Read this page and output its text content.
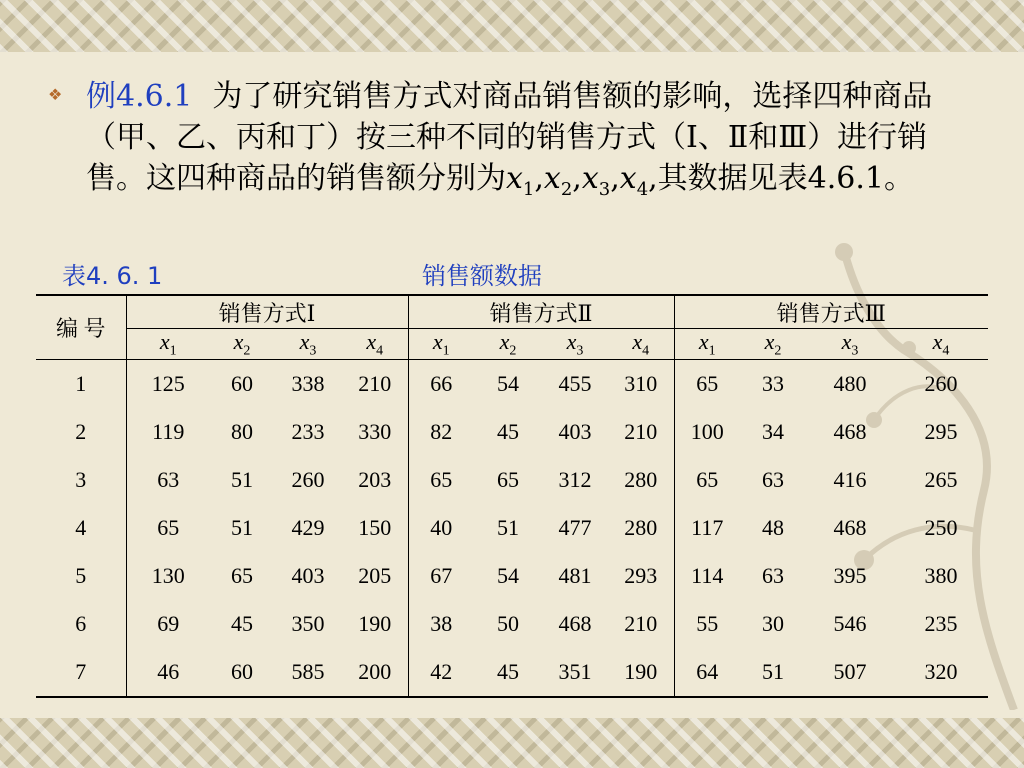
❖ 例4.6.1 为了研究销售方式对商品销售额的影响，选择四种商品（甲、乙、丙和丁）按三种不同的销售方式（Ⅰ、Ⅱ和Ⅲ）进行销售。这四种商品的销售额分别为$x_1,x_2,x_3,x_4$,其数据见表4.6.1。
表4. 6. 1	销售额数据
编 号	销售方式Ⅰ				销售方式Ⅱ				销售方式Ⅲ			
	$x_1$	$x_2$	$x_3$	$x_4$	$x_1$	$x_2$	$x_3$	$x_4$	$x_1$	$x_2$	$x_3$	$x_4$
1	125	60	338	210	66	54	455	310	65	33	480	260
2	119	80	233	330	82	45	403	210	100	34	468	295
3	63	51	260	203	65	65	312	280	65	63	416	265
4	65	51	429	150	40	51	477	280	117	48	468	250
5	130	65	403	205	67	54	481	293	114	63	395	380
6	69	45	350	190	38	50	468	210	55	30	546	235
7	46	60	585	200	42	45	351	190	64	51	507	320
